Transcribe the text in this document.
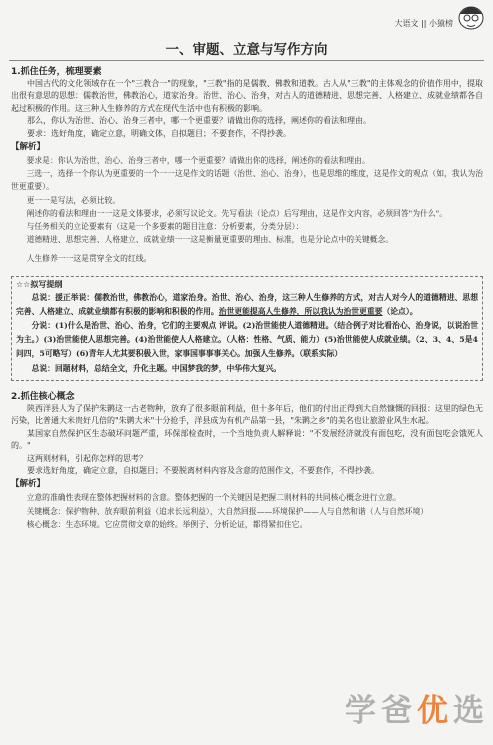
大语文 || 小猿榜
一、审题、立意与写作方向
1.抓住任务，梳理要素

中国古代的文化领域存在一个"三教合一"的现象，"三教"指的是儒教、佛教和道教。古人从"三教"的主体观念的价值作用中，提取出很有意思的思想：儒教治世，佛教治心，道家治身。治世、治心、治身，对古人的道德精进、思想完善、人格建立、成就业绩都各自起过积极的作用。这三种人生修养的方式在现代生活中也有积极的影响。

那么，你认为治世、治心、治身三者中，哪一个更重要？请做出你的选择，阐述你的看法和理由。

要求：选好角度，确定立意，明确文体，自拟题目；不要套作，不得抄袭。

【解析】

要求是：你认为治世、治心、治身三者中，哪一个更重要？请做出你的选择，阐述你的看法和理由。

三选一，选择一个你认为更重要的一个一一这是作文的话题（治世、治心、治身），也是思维的维度，这是作文的观点（如，我认为治世更重要）。

更一一是写法，必须比较。

阐述你的看法和理由一一这是文体要求，必须写议论文。先写看法（论点）后写理由，这是作文内容，必须回答"为什么"。

与任务相关的立论要素有（这是一个多要素的题目注意：分析要素，分类分层）：

道德精进、思想完善、人格建立、成就业绩一一这是衡量更重要的理由、标准，也是分论点中的关键概念。

人生修养一一这是贯穿全文的红线。

☆☆拟写提纲

总说：援正举说：儒教治世，佛教治心，道家治身。治世、治心、治身，这三种人生修养的方式，对古人对今人的道德精进、思想完善、人格建立、成就业绩都有积极的影响和积极的作用。治世更能提高人生修养，所以我认为治世更重要（论点）。

分说：(1)什么是治世、治心、治身，它们的主要观点 评说。(2)治世能使人道德精进。（结合例子对比看治心、治身说，以说治世为主。）(3)治世能使人思想完善。(4)治世能使人人格建立。（人格：性格、气质、能力）(5)治世能使人成就业绩。（2、3、4、5是4问四，5可略写）(6)青年人尤其要积极入世，家事国事事事关心。加强人生修养。（联系实际）

总说：回题材料，总结全文，升化主题。中国梦我的梦，中华伟大复兴。

2.抓住核心概念

陕西洋县人为了保护朱鹮这一古老物种，放弃了很多眼前利益，但十多年后，他们的付出正得到大自然慷慨的回报：这里的绿色无污染，比普通大米贵好几倍的"朱鹮大米"十分抢手，洋县成为有机产品第一县，"朱鹮之乡"的美名也让旅游业风生水起。

某国家自然保护区生态破坏问题严重，环保部检查时，一个当地负责人解释说："不发展经济就没有面包吃，没有面包吃会饿死人的。"

这两则材料，引起你怎样的思考？

要求选好角度，确定立意，自拟题目；不要脱离材料内容及含意的范围作文，不要套作，不得抄袭。

【解析】

立意的准确性表现在整体把握材料的含意。整体把握的一个关键因是把握二则材料的共同核心概念进行立意。

关键概念：保护物种、放弃眼前利益（追求长远利益），大自然回报——环境保护——人与自然和谐（人与自然环境）

核心概念：生态环境。它应贯彻文章的始终。举例子、分析论证，都得紧扣住它。

学 爸 优 选
